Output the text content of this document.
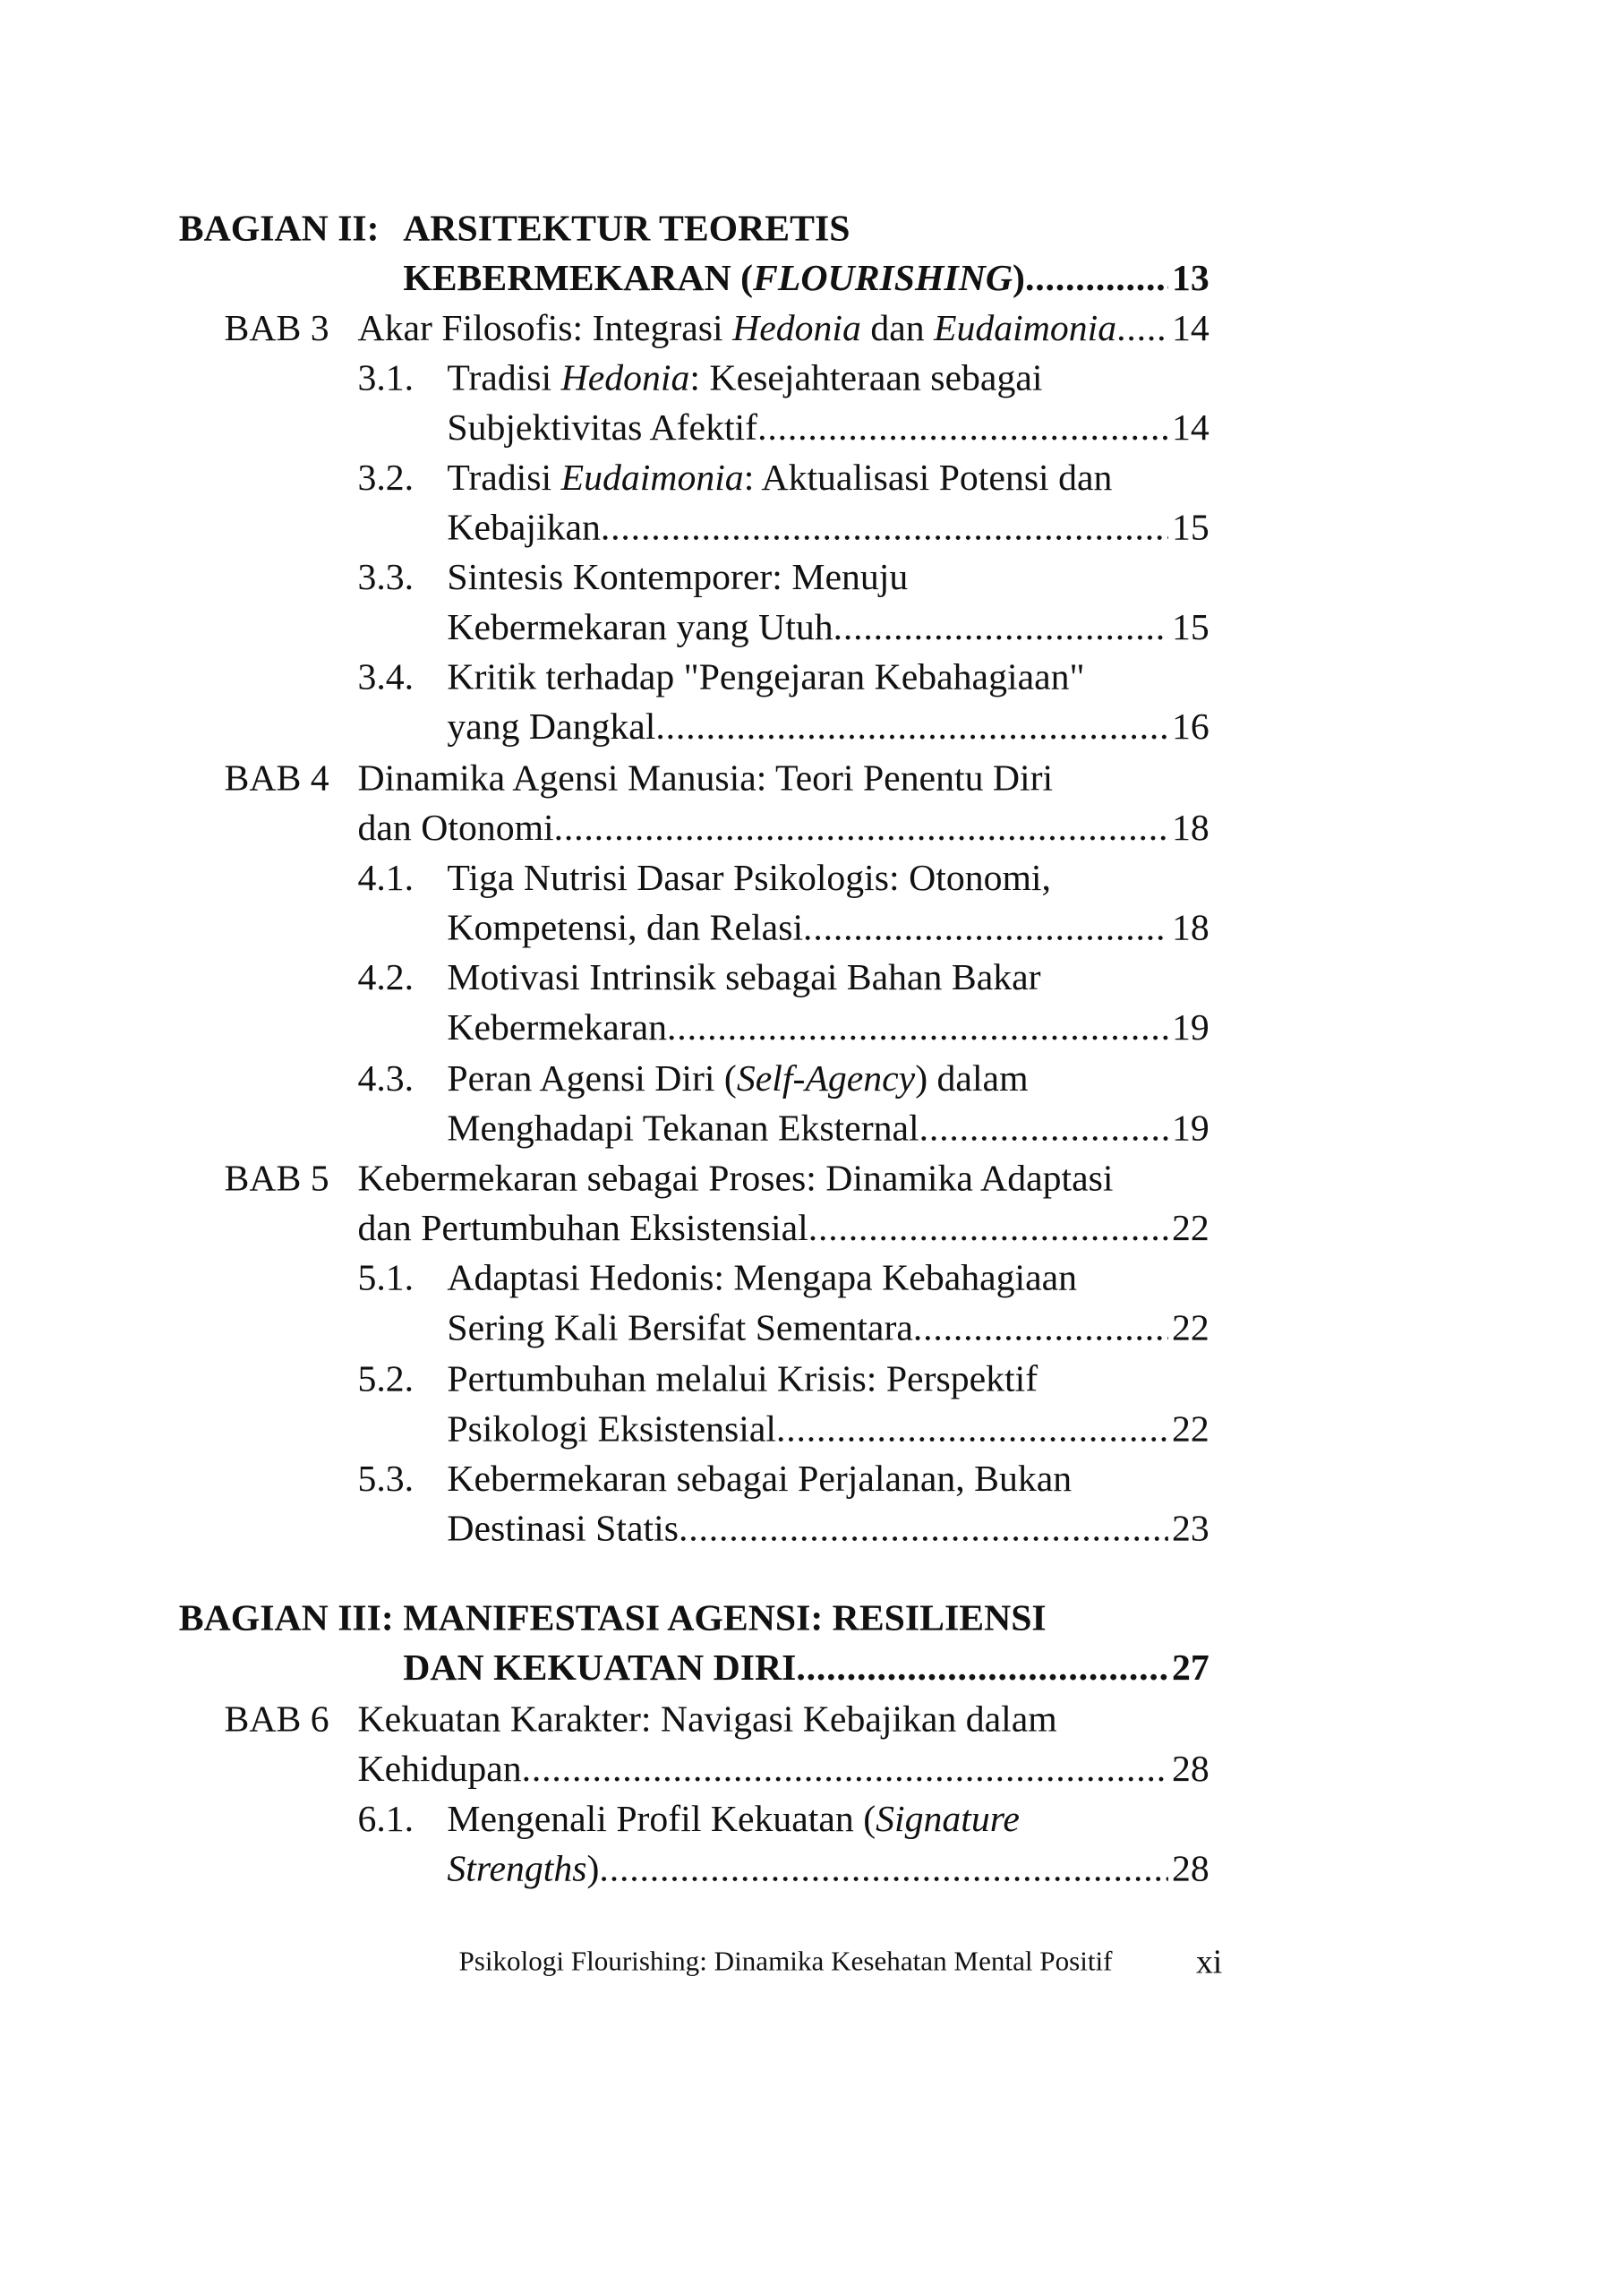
BAGIAN II: ARSITEKTUR TEORETIS
KEBERMEKARAN (FLOURISHING) .....	13
BAB 3 Akar Filosofis: Integrasi Hedonia dan Eudaimonia ..... 14
3.1. Tradisi Hedonia: Kesejahteraan sebagai
Subjektivitas Afektif .....	14
3.2. Tradisi Eudaimonia: Aktualisasi Potensi dan
Kebajikan .....	15
3.3. Sintesis Kontemporer: Menuju
Kebermekaran yang Utuh .....	15
3.4. Kritik terhadap "Pengejaran Kebahagiaan"
yang Dangkal .....	16
BAB 4 Dinamika Agensi Manusia: Teori Penentu Diri
dan Otonomi .....	18
4.1. Tiga Nutrisi Dasar Psikologis: Otonomi,
Kompetensi, dan Relasi .....	18
4.2. Motivasi Intrinsik sebagai Bahan Bakar
Kebermekaran .....	19
4.3. Peran Agensi Diri (Self-Agency) dalam
Menghadapi Tekanan Eksternal .....	19
BAB 5 Kebermekaran sebagai Proses: Dinamika Adaptasi
dan Pertumbuhan Eksistensial .....	22
5.1. Adaptasi Hedonis: Mengapa Kebahagiaan
Sering Kali Bersifat Sementara .....	22
5.2. Pertumbuhan melalui Krisis: Perspektif
Psikologi Eksistensial .....	22
5.3. Kebermekaran sebagai Perjalanan, Bukan
Destinasi Statis .....	23
BAGIAN III: MANIFESTASI AGENSI: RESILIENSI
DAN KEKUATAN DIRI .....	27
BAB 6 Kekuatan Karakter: Navigasi Kebajikan dalam
Kehidupan .....	28
6.1. Mengenali Profil Kekuatan (Signature
Strengths) .....	28
Psikologi Flourishing: Dinamika Kesehatan Mental Positif	xi
